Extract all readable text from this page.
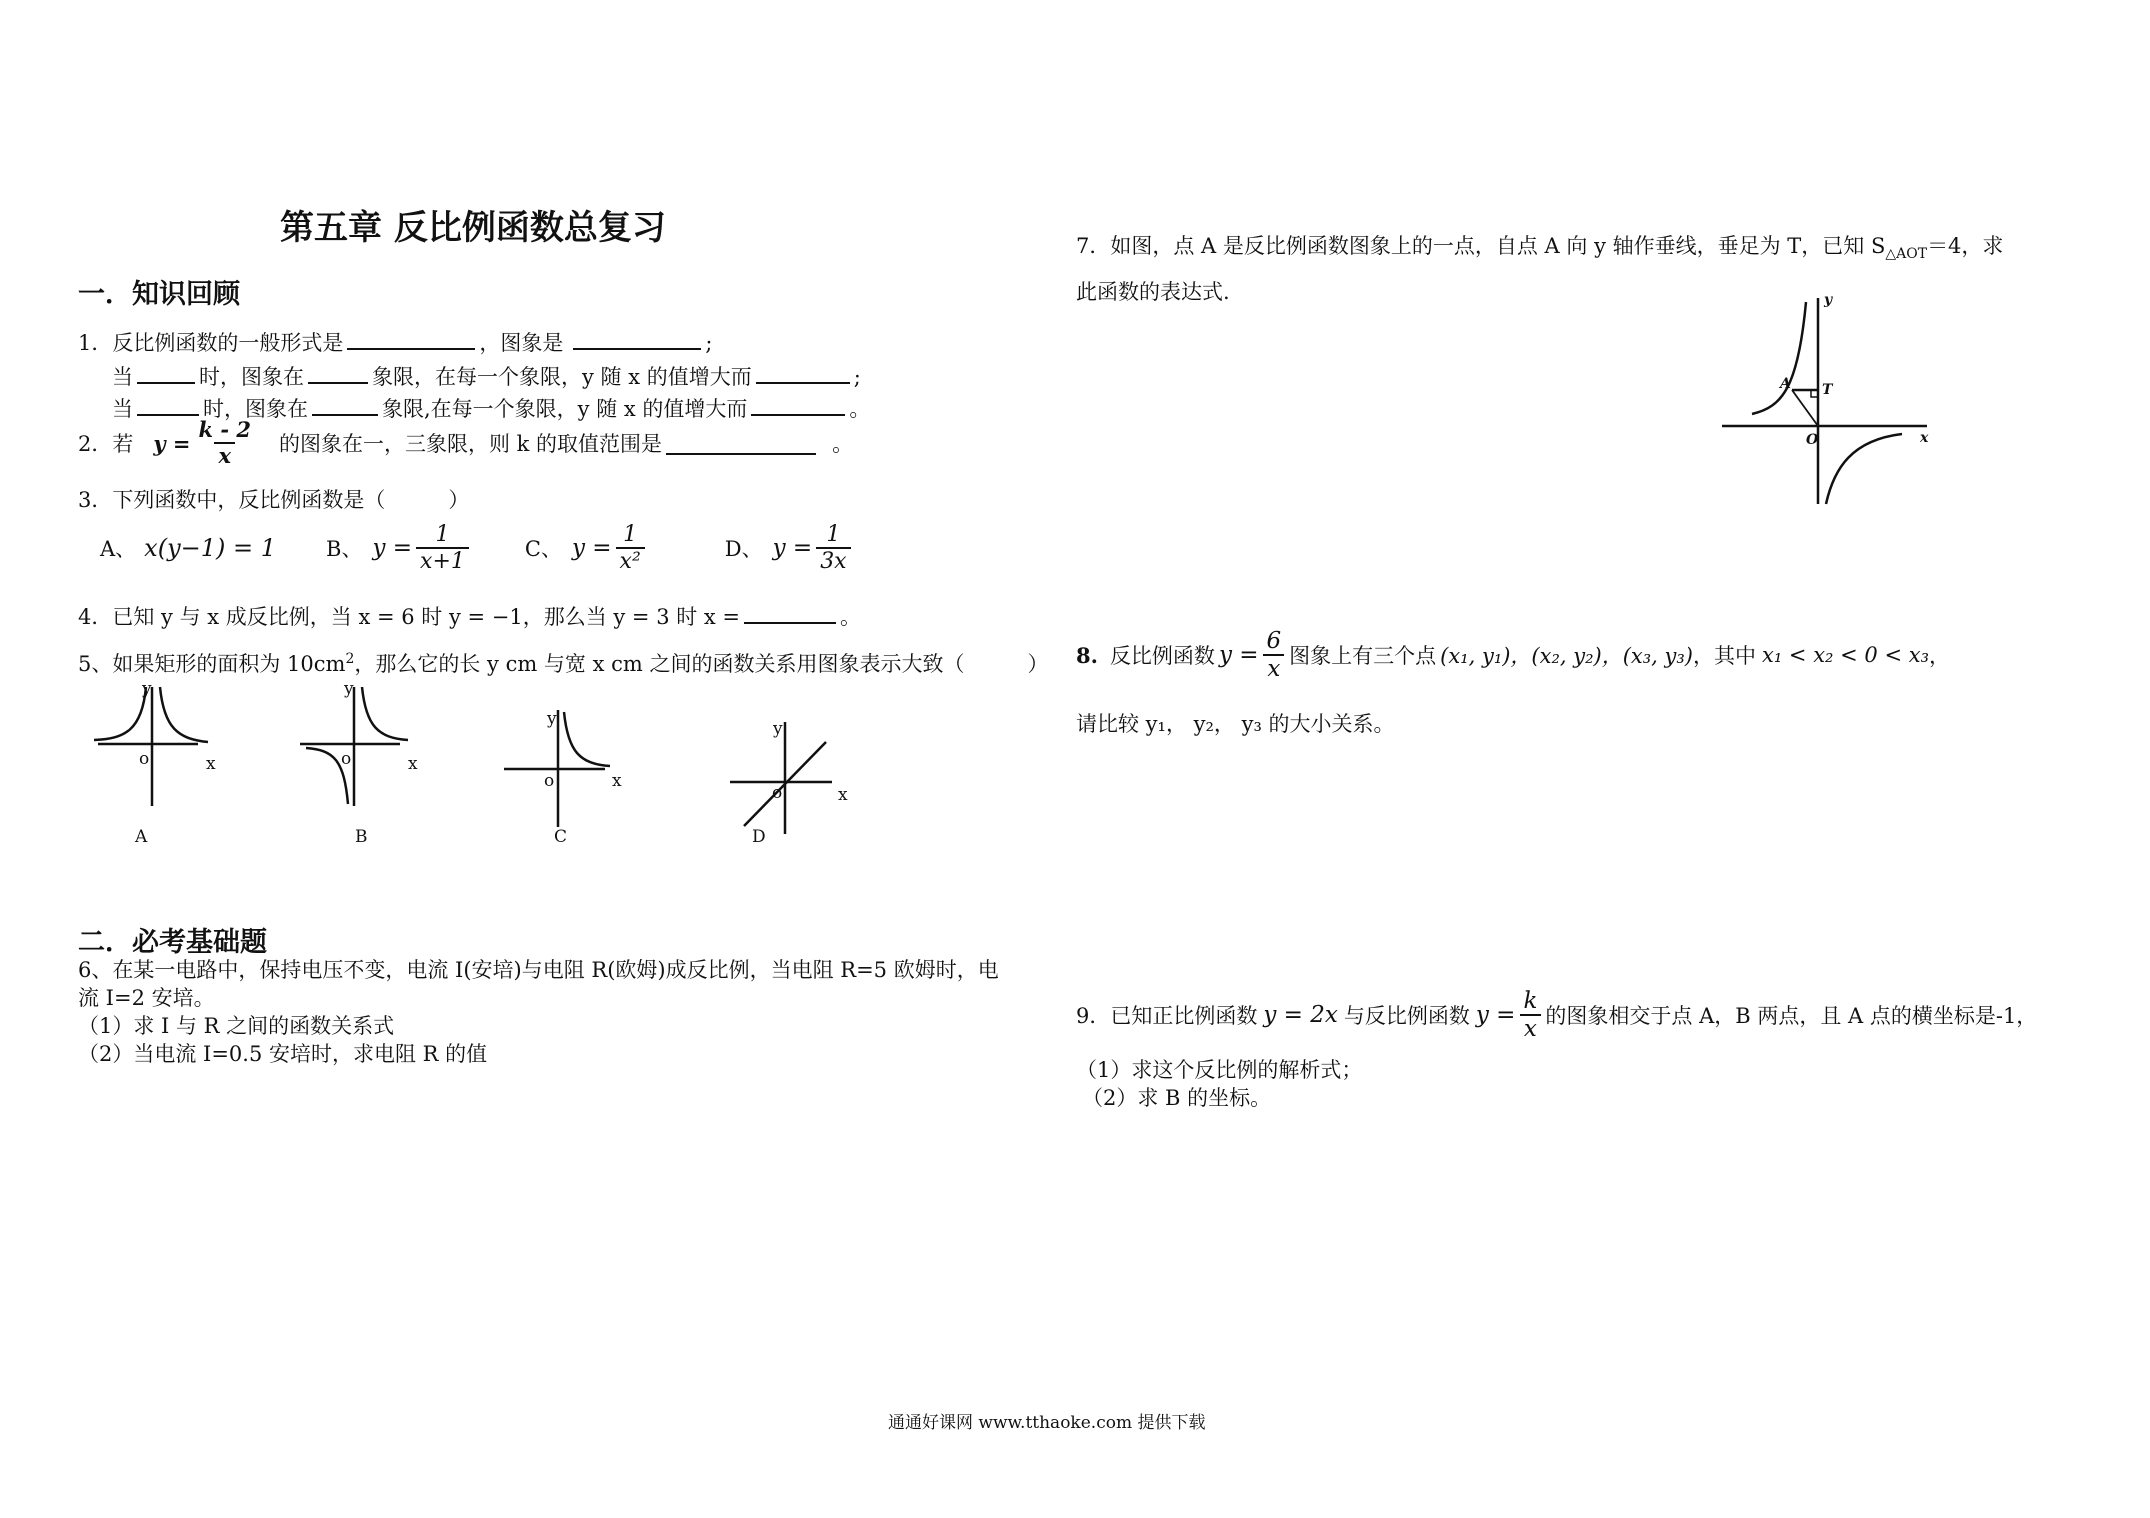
第五章 反比例函数总复习
一．知识回顾
1．反比例函数的一般形式是	，图象是	;
当	时，图象在	象限，在每一个象限，y 随 x 的值增大而	;
当	时，图象在	象限,在每一个象限，y 随 x 的值增大而	。
2．若 $y = \frac{k - 2}{x}$ 的图象在一，三象限，则 k 的取值范围是	。
3．下列函数中，反比例函数是（　　　）
A、 x(y−1) = 1 B、 $y = \frac{1}{x+1}$	C、 $y = \frac{1}{\text{x²}}$	D、 $y = \frac{1}{3x}$
4．已知 y 与 x 成反比例，当 x = 6 时 y = −1，那么当 y = 3 时 x =	。
5、如果矩形的面积为 $10cm^2$，那么它的长 y cm 与宽 x cm 之间的函数关系用图象表示大致（　　　）
y
x
o
y
x
o
y
x
o
y
x
o
A	B	C	D
二．必考基础题
6、在某一电路中，保持电压不变，电流 I(安培)与电阻 R(欧姆)成反比例，当电阻 R=5 欧姆时，电
流 I=2 安培。
（1）求 I 与 R 之间的函数关系式
（2）当电流 I=0.5 安培时，求电阻 R 的值
7．如图，点 A 是反比例函数图象上的一点，自点 A 向 y 轴作垂线，垂足为 T，已知 $S_{\triangle AOT}=4$，求
此函数的表达式.	y
x
O
A T
8. 反比例函数 $y = \frac{6}{x}$ 图象上有三个点 (x₁, y₁)，(x₂, y₂)，(x₃, y₃) ，其中 x₁ < x₂ < 0 < x₃ ，
请比较 y₁， y₂， y₃ 的大小关系。
9．已知正比例函数 y = 2x 与反比例函数 $y = \frac{k}{x}$ 的图象相交于点 A，B 两点，且 A 点的横坐标是-1，
（1）求这个反比例的解析式；
（2）求 B 的坐标。
通通好课网 www.tthaoke.com 提供下载
